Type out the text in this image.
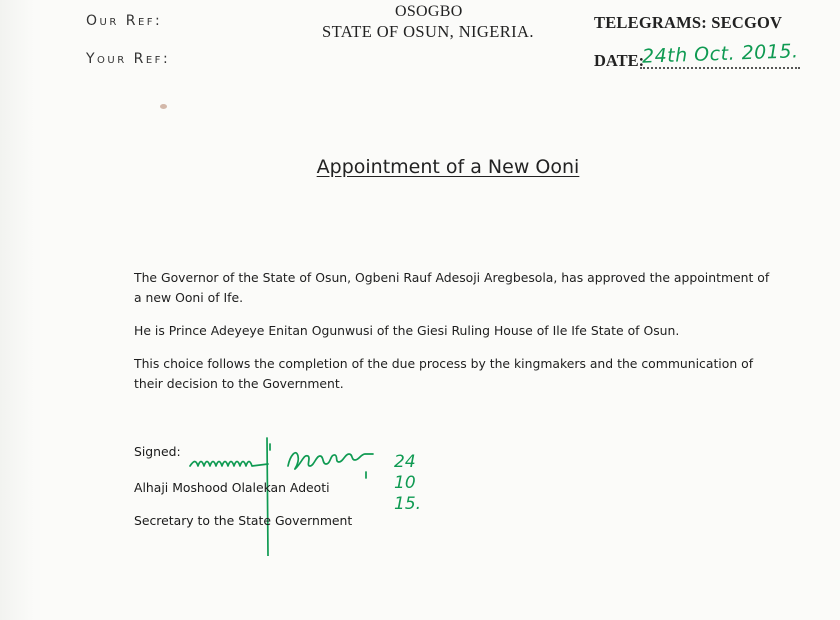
Our Ref:
Your Ref:
OSOGBO
STATE OF OSUN, NIGERIA.	TELEGRAMS: SECGOV
DATE:
24th Oct. 2015.
Appointment of a New Ooni

The Governor of the State of Osun, Ogbeni Rauf Adesoji Aregbesola, has approved the appointment of a new Ooni of Ife.

He is Prince Adeyeye Enitan Ogunwusi of the Giesi Ruling House of Ile Ife State of Osun.

This choice follows the completion of the due process by the kingmakers and the communication of their decision to the Government.

Signed:
24
10
15.
Alhaji Moshood Olalekan Adeoti
Secretary to the State Government
